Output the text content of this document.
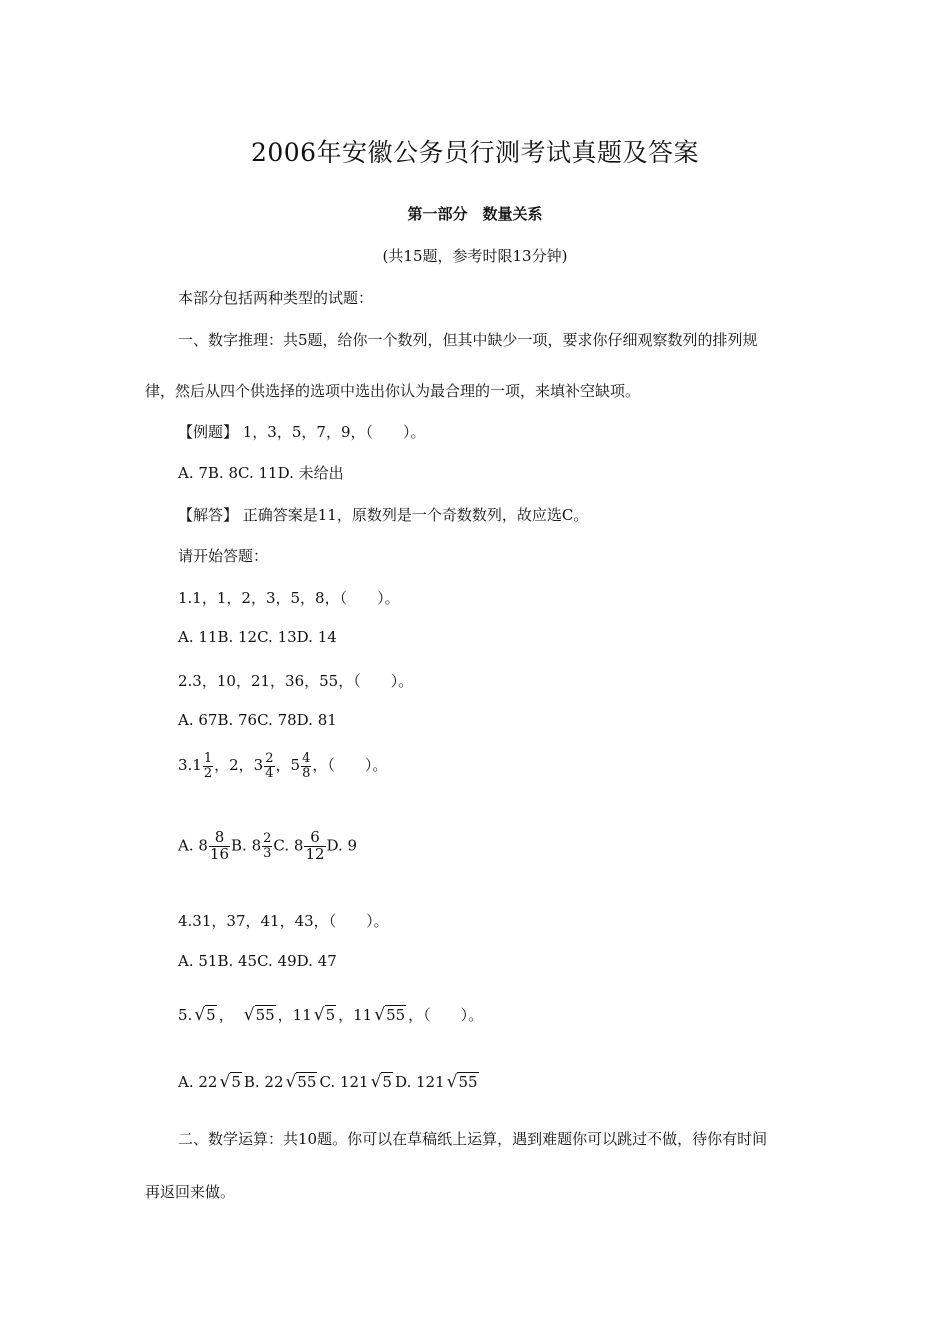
2006年安徽公务员行测考试真题及答案
第一部分　数量关系
(共15题，参考时限13分钟)
本部分包括两种类型的试题：
一、数字推理：共5题，给你一个数列，但其中缺少一项，要求你仔细观察数列的排列规
律，然后从四个供选择的选项中选出你认为最合理的一项，来填补空缺项。
【例题】 1，3，5，7，9，（　　）。
A. 7B. 8C. 11D. 未给出
【解答】 正确答案是11，原数列是一个奇数数列，故应选C。
请开始答题：
1.1，1，2，3，5，8，（　　）。
A. 11B. 12C. 13D. 14
2.3，10，21，36，55，（　　）。
A. 67B. 76C. 78D. 81
$3.1 \frac{1}{2}$ ，2，$3 \frac{2}{4}$ ，$5 \frac{4}{8}$ ，（　　）。
A. $8 \frac{8}{16} B$. $8 \frac{2}{3} C$. $8 \frac{6}{12} D$. 9
4.31，37，41，43，（　　）。
A. 51B. 45C. 49D. 47
5. √5 ， √55 ，11 √5 ，11 √55 ，（　　）。
A. 22 √5 B. 22 √55 C. 121 √5 D. 121 √55
二、数学运算：共10题。你可以在草稿纸上运算，遇到难题你可以跳过不做，待你有时间
再返回来做。
